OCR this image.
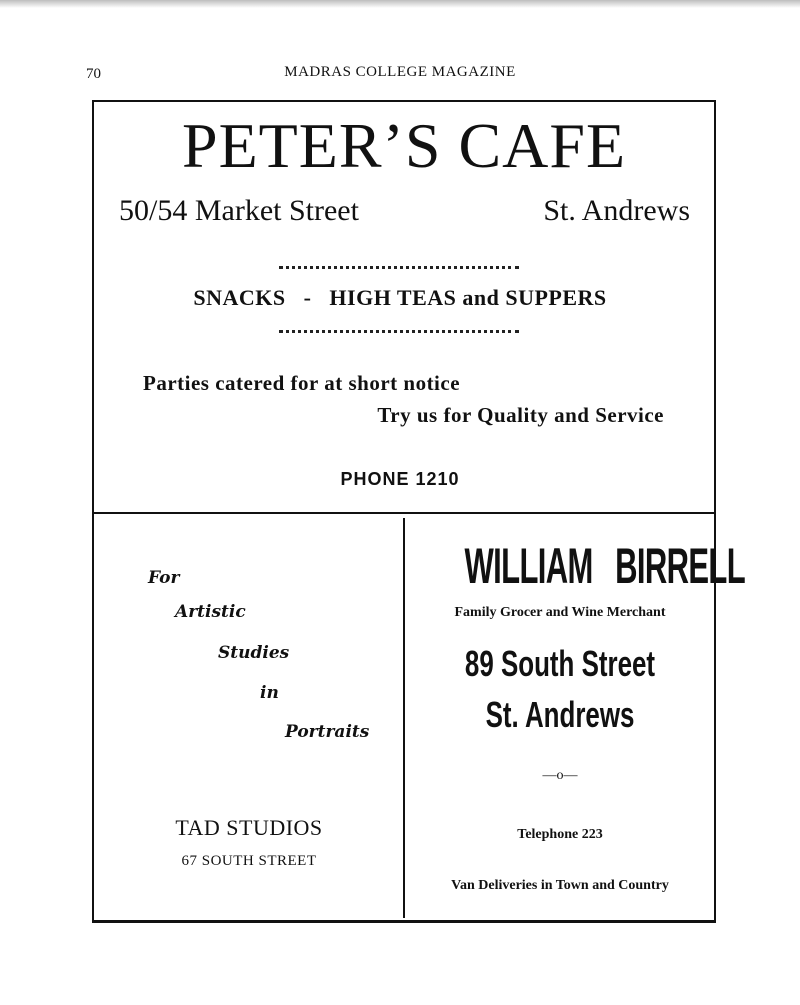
70	MADRAS COLLEGE MAGAZINE
PETER’S CAFE
50/54 Market Street	St. Andrews
SNACKS - HIGH TEAS and SUPPERS
Parties catered for at short notice
Try us for Quality and Service
PHONE 1210
For
Artistic
Studies
in
Portraits
TAD STUDIOS
67 SOUTH STREET
WILLIAM BIRRELL
Family Grocer and Wine Merchant
89 South Street
St. Andrews
—o—
Telephone 223
Van Deliveries in Town and Country
